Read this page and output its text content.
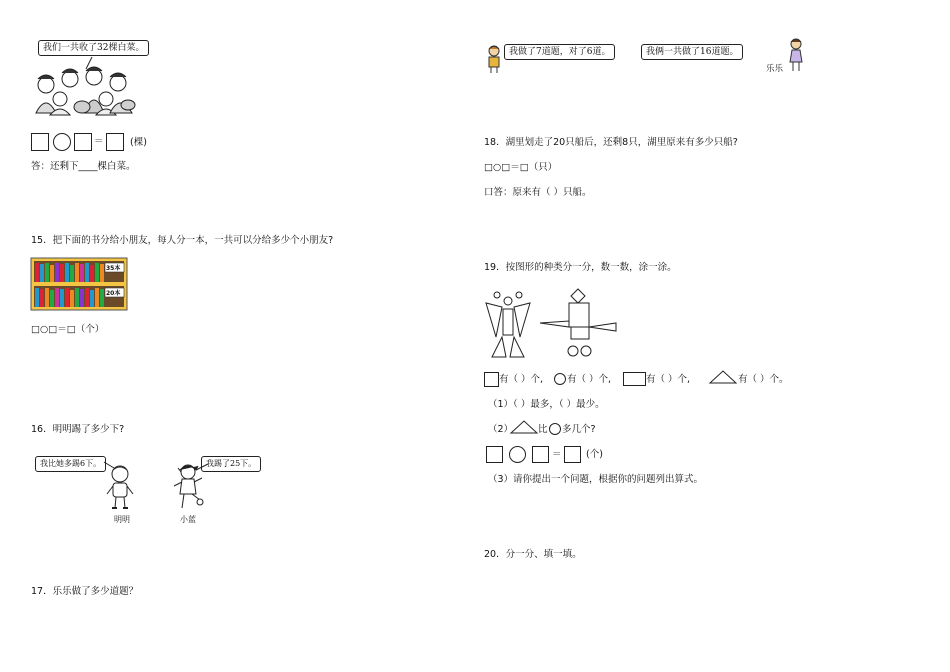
我们一共收了32棵白菜。
＝	(棵)
答：还剩下____棵白菜。
15．把下面的书分给小朋友，每人分一本，一共可以分给多少个小朋友?
35本
20本
□○□＝□（个）
16．明明踢了多少下?
我比她多踢6下。
明明
我踢了25下。
小蓝
17．乐乐做了多少道题？
我做了7道题，对了6道。	我俩一共做了16道题。
乐乐
18．湖里划走了20只船后，还剩8只，湖里原来有多少只船?
□○□＝□（只）
口答：原来有（ ）只船。
19．按图形的种类分一分，数一数，涂一涂。
有（ ）个,	有（ ）个,	有（ ）个,	有（ ）个。
（1）（ ）最多，（ ）最少。
（2）	比 多几个?
＝	(个)
（3）请你提出一个问题，根据你的问题列出算式。
20．分一分、填一填。
